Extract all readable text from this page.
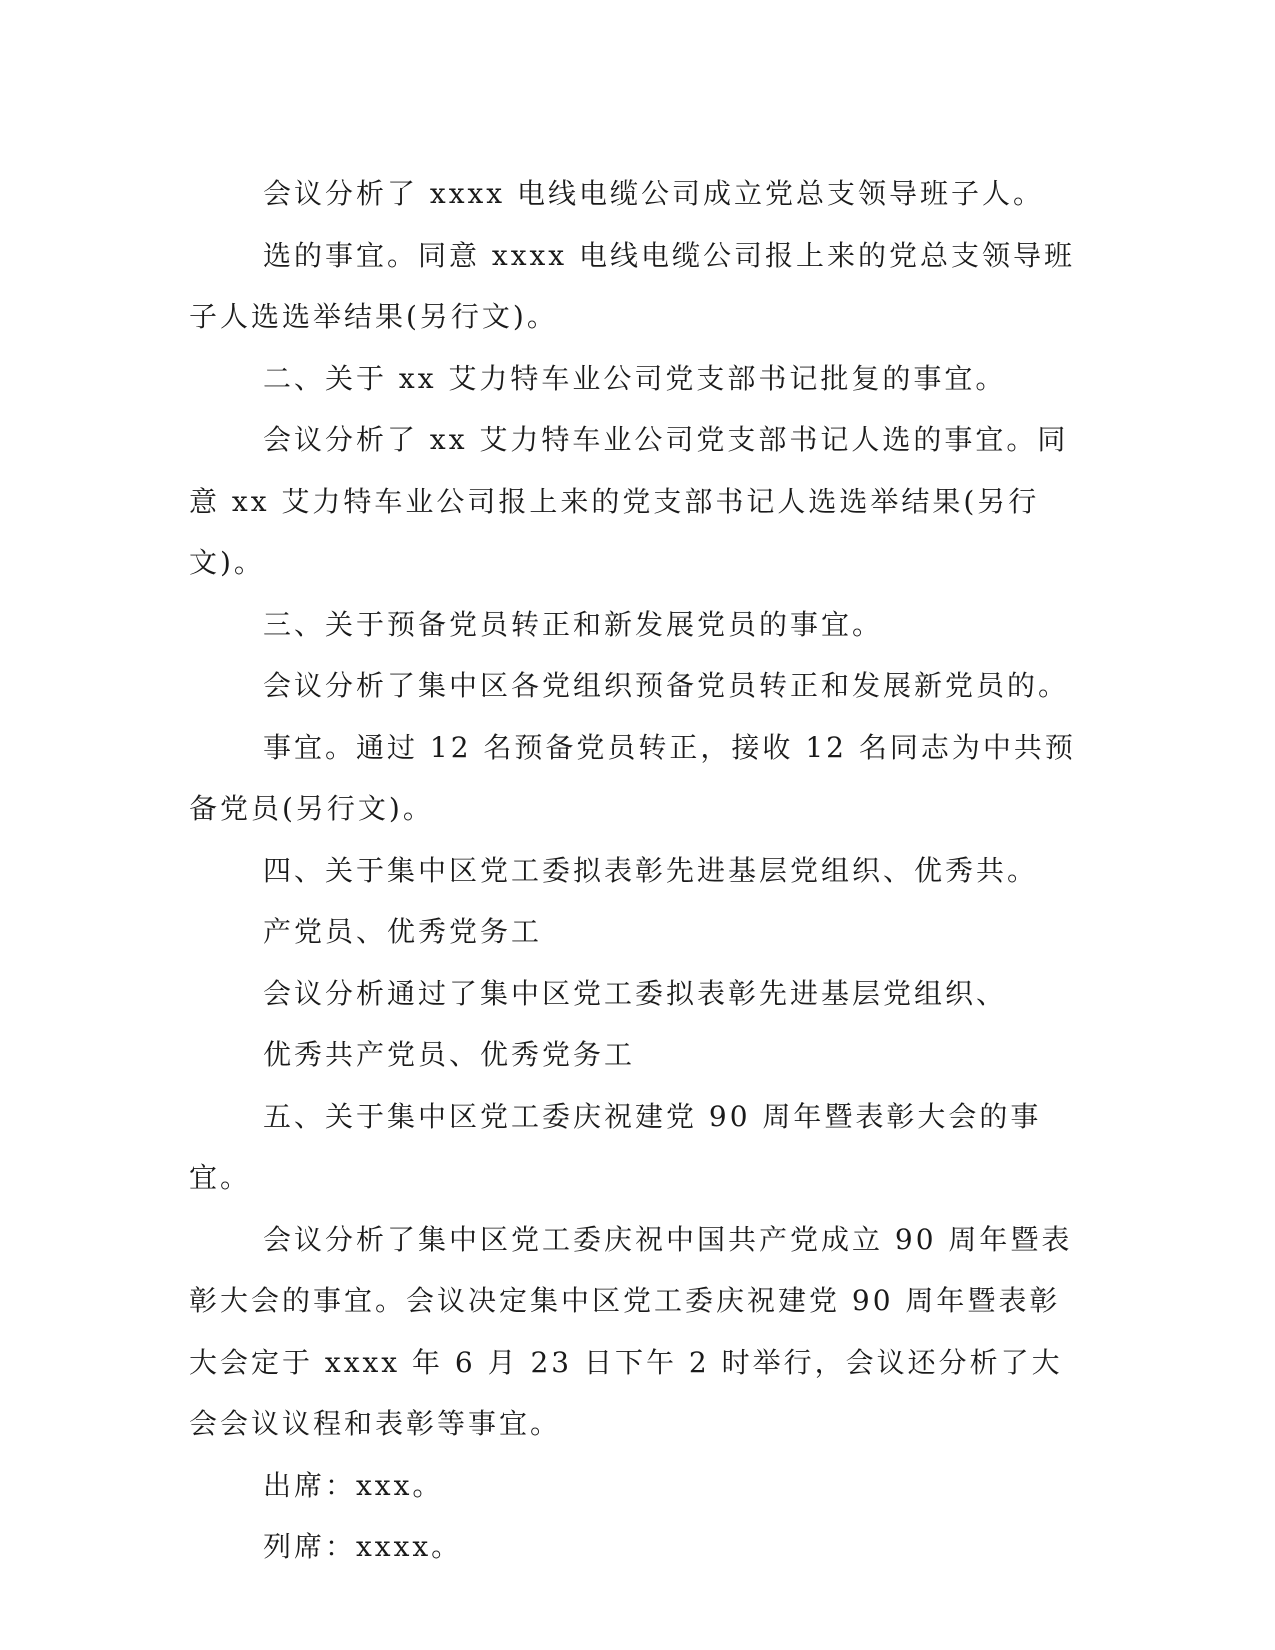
会议分析了 xxxx 电线电缆公司成立党总支领导班子人。

选的事宜。同意 xxxx 电线电缆公司报上来的党总支领导班子人选选举结果(另行文)。

二、关于 xx 艾力特车业公司党支部书记批复的事宜。

会议分析了 xx 艾力特车业公司党支部书记人选的事宜。同意 xx 艾力特车业公司报上来的党支部书记人选选举结果(另行文)。

三、关于预备党员转正和新发展党员的事宜。

会议分析了集中区各党组织预备党员转正和发展新党员的。

事宜。通过 12 名预备党员转正，接收 12 名同志为中共预备党员(另行文)。

四、关于集中区党工委拟表彰先进基层党组织、优秀共。

产党员、优秀党务工

会议分析通过了集中区党工委拟表彰先进基层党组织、

优秀共产党员、优秀党务工

五、关于集中区党工委庆祝建党 90 周年暨表彰大会的事宜。

会议分析了集中区党工委庆祝中国共产党成立 90 周年暨表彰大会的事宜。会议决定集中区党工委庆祝建党 90 周年暨表彰大会定于 xxxx 年 6 月 23 日下午 2 时举行，会议还分析了大会会议议程和表彰等事宜。

出席：xxx。

列席：xxxx。
